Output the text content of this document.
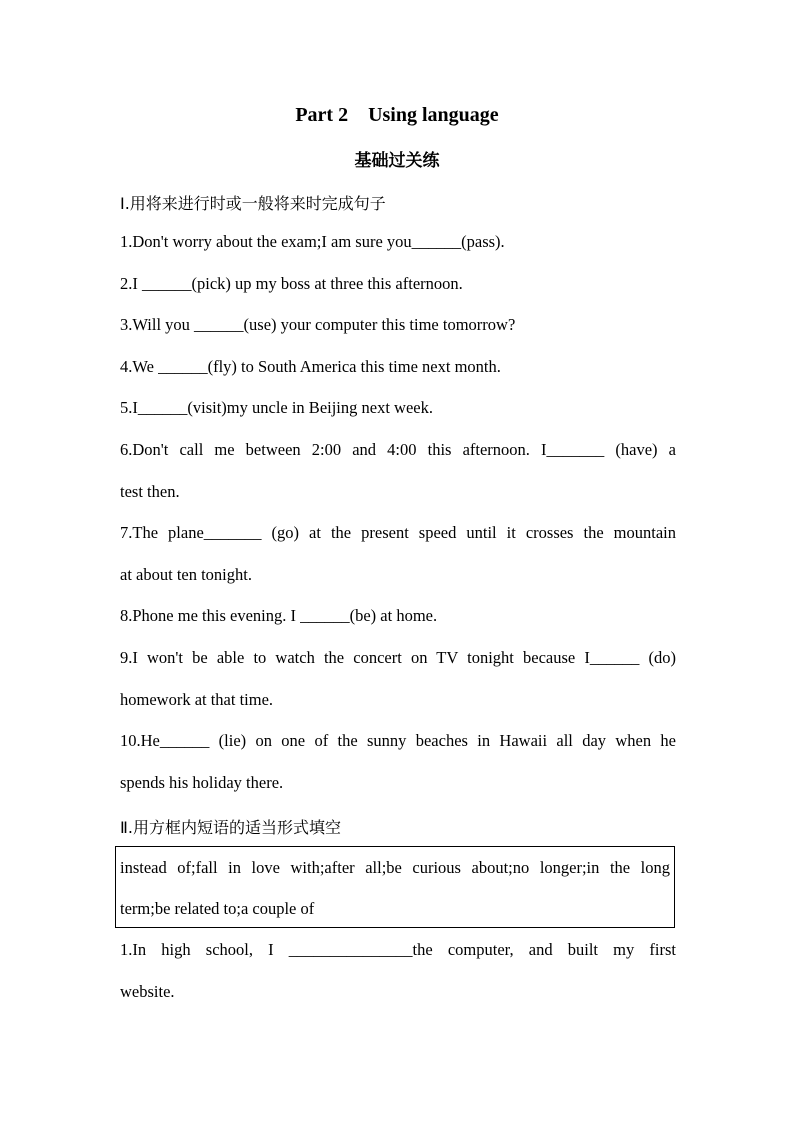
Part 2    Using language
基础过关练
Ⅰ.用将来进行时或一般将来时完成句子
1.Don't worry about the exam;I am sure you______(pass).
2.I ______(pick) up my boss at three this afternoon.
3.Will you ______(use) your computer this time tomorrow?
4.We ______(fly) to South America this time next month.
5.I______(visit)my uncle in Beijing next week.
6.Don't call me between 2:00 and 4:00 this afternoon. I_______ (have) a
test then.
7.The plane_______ (go) at the present speed until it crosses the mountain
at about ten tonight.
8.Phone me this evening. I ______(be) at home.
9.I won't be able to watch the concert on TV tonight because I______ (do)
homework at that time.
10.He______ (lie) on one of the sunny beaches in Hawaii all day when he
spends his holiday there.
Ⅱ.用方框内短语的适当形式填空
instead of;fall in love with;after all;be curious about;no longer;in the long
term;be related to;a couple of
1.In high school, I _______________the computer, and built my first
website.
